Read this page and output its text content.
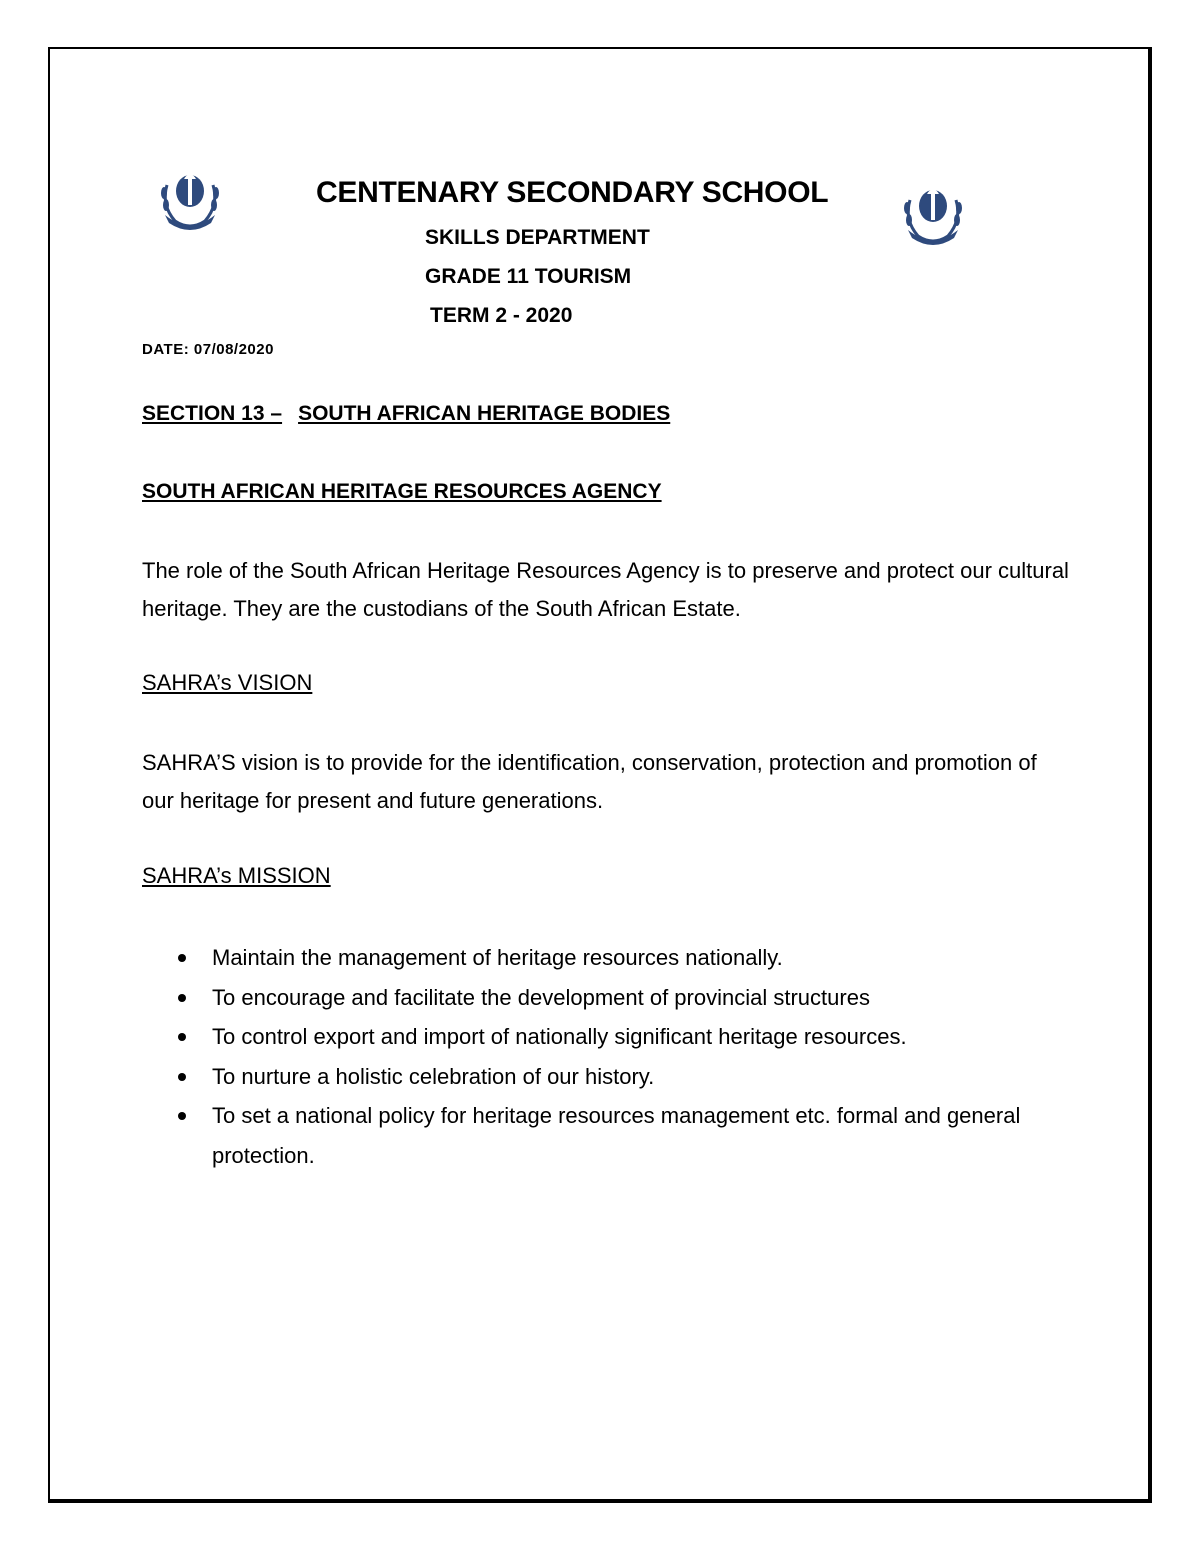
CENTENARY SECONDARY SCHOOL
SKILLS DEPARTMENT
GRADE 11 TOURISM
TERM 2 - 2020
DATE: 07/08/2020
SECTION 13 – SOUTH AFRICAN HERITAGE BODIES
SOUTH AFRICAN HERITAGE RESOURCES AGENCY
The role of the South African Heritage Resources Agency is to preserve and protect our cultural heritage. They are the custodians of the South African Estate.
SAHRA’s VISION
SAHRA’S vision is to provide for the identification, conservation, protection and promotion of our heritage for present and future generations.
SAHRA’s MISSION
Maintain the management of heritage resources nationally.
To encourage and facilitate the development of provincial structures
To control export and import of nationally significant heritage resources.
To nurture a holistic celebration of our history.
To set a national policy for heritage resources management etc. formal and general protection.
